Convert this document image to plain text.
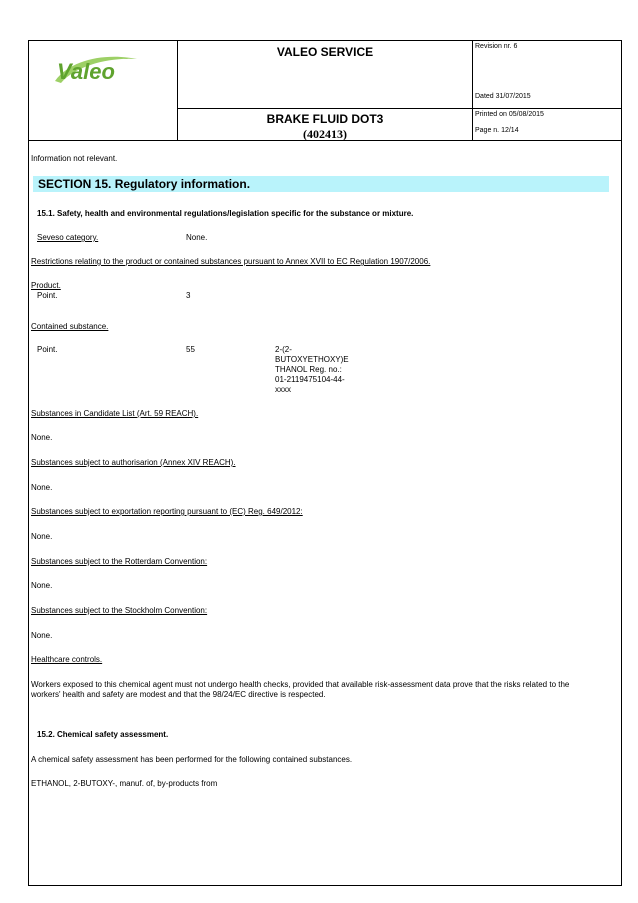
Valeo
VALEO SERVICE
BRAKE FLUID DOT3
(402413)
Revision nr. 6
Dated 31/07/2015
Printed on 05/08/2015
Page n. 12/14
Information not relevant.
SECTION 15. Regulatory information.
15.1. Safety, health and environmental regulations/legislation specific for the substance or mixture.
Seveso category.	None.
Restrictions relating to the product or contained substances pursuant to Annex XVII to EC Regulation 1907/2006.
Product.
Point.	3
Contained substance.
Point.	55	2-(2-
BUTOXYETHOXY)E
THANOL Reg. no.:
01-2119475104-44-
xxxx
Substances in Candidate List (Art. 59 REACH).
None.
Substances subject to authorisarion (Annex XIV REACH).
None.
Substances subject to exportation reporting pursuant to (EC) Reg. 649/2012:
None.
Substances subject to the Rotterdam Convention:
None.
Substances subject to the Stockholm Convention:
None.
Healthcare controls.
Workers exposed to this chemical agent must not undergo health checks, provided that available risk-assessment data prove that the risks related to the
workers' health and safety are modest and that the 98/24/EC directive is respected.
15.2. Chemical safety assessment.
A chemical safety assessment has been performed for the following contained substances.
ETHANOL, 2-BUTOXY-, manuf. of, by-products from
